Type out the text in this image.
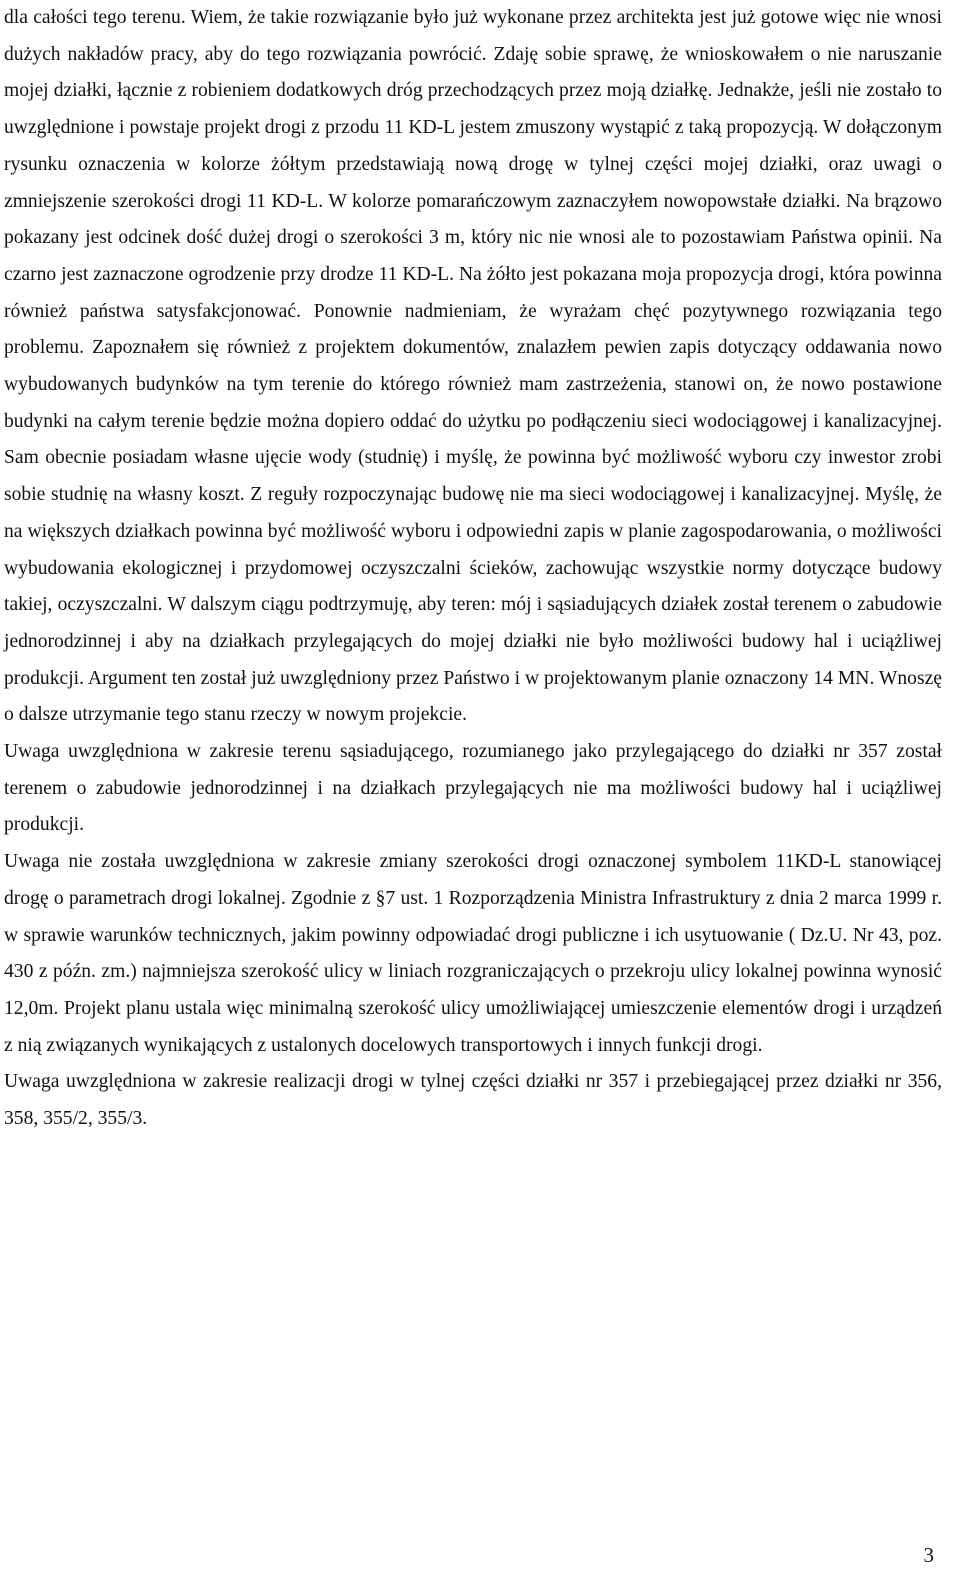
dla całości tego terenu. Wiem, że takie rozwiązanie było już wykonane przez architekta jest już gotowe więc nie wnosi dużych nakładów pracy, aby do tego rozwiązania powrócić. Zdaję sobie sprawę, że wnioskowałem o nie naruszanie mojej działki, łącznie z robieniem dodatkowych dróg przechodzących przez moją działkę. Jednakże, jeśli nie zostało to uwzględnione i powstaje projekt drogi z przodu 11 KD-L jestem zmuszony wystąpić z taką propozycją. W dołączonym rysunku oznaczenia w kolorze żółtym przedstawiają nową drogę w tylnej części mojej działki, oraz uwagi o zmniejszenie szerokości drogi 11 KD-L. W kolorze pomarańczowym zaznaczyłem nowopowstałe działki. Na brązowo pokazany jest odcinek dość dużej drogi o szerokości 3 m, który nic nie wnosi ale to pozostawiam Państwa opinii. Na czarno jest zaznaczone ogrodzenie przy drodze 11 KD-L. Na żółto jest pokazana moja propozycja drogi, która powinna również państwa satysfakcjonować. Ponownie nadmieniam, że wyrażam chęć pozytywnego rozwiązania tego problemu. Zapoznałem się również z projektem dokumentów, znalazłem pewien zapis dotyczący oddawania nowo wybudowanych budynków na tym terenie do którego również mam zastrzeżenia, stanowi on, że nowo postawione budynki na całym terenie będzie można dopiero oddać do użytku po podłączeniu sieci wodociągowej i kanalizacyjnej. Sam obecnie posiadam własne ujęcie wody (studnię) i myślę, że powinna być możliwość wyboru czy inwestor zrobi sobie studnię na własny koszt. Z reguły rozpoczynając budowę nie ma sieci wodociągowej i kanalizacyjnej. Myślę, że na większych działkach powinna być możliwość wyboru i odpowiedni zapis w planie zagospodarowania, o możliwości wybudowania ekologicznej i przydomowej oczyszczalni ścieków, zachowując wszystkie normy dotyczące budowy takiej, oczyszczalni. W dalszym ciągu podtrzymuję, aby teren: mój i sąsiadujących działek został terenem o zabudowie jednorodzinnej i aby na działkach przylegających do mojej działki nie było możliwości budowy hal i uciążliwej produkcji. Argument ten został już uwzględniony przez Państwo i w projektowanym planie oznaczony 14 MN. Wnoszę o dalsze utrzymanie tego stanu rzeczy w nowym projekcie.

Uwaga uwzględniona w zakresie terenu sąsiadującego, rozumianego jako przylegającego do działki nr 357 został terenem o zabudowie jednorodzinnej i na działkach przylegających nie ma możliwości budowy hal i uciążliwej produkcji.

Uwaga nie została uwzględniona w zakresie zmiany szerokości drogi oznaczonej symbolem 11KD-L stanowiącej drogę o parametrach drogi lokalnej. Zgodnie z §7 ust. 1 Rozporządzenia Ministra Infrastruktury z dnia 2 marca 1999 r. w sprawie warunków technicznych, jakim powinny odpowiadać drogi publiczne i ich usytuowanie ( Dz.U. Nr 43, poz. 430 z późn. zm.) najmniejsza szerokość ulicy w liniach rozgraniczających o przekroju ulicy lokalnej powinna wynosić 12,0m. Projekt planu ustala więc minimalną szerokość ulicy umożliwiającej umieszczenie elementów drogi i urządzeń z nią związanych wynikających z ustalonych docelowych transportowych i innych funkcji drogi.

Uwaga uwzględniona w zakresie realizacji drogi w tylnej części działki nr 357 i przebiegającej przez działki nr 356, 358, 355/2, 355/3.

3
